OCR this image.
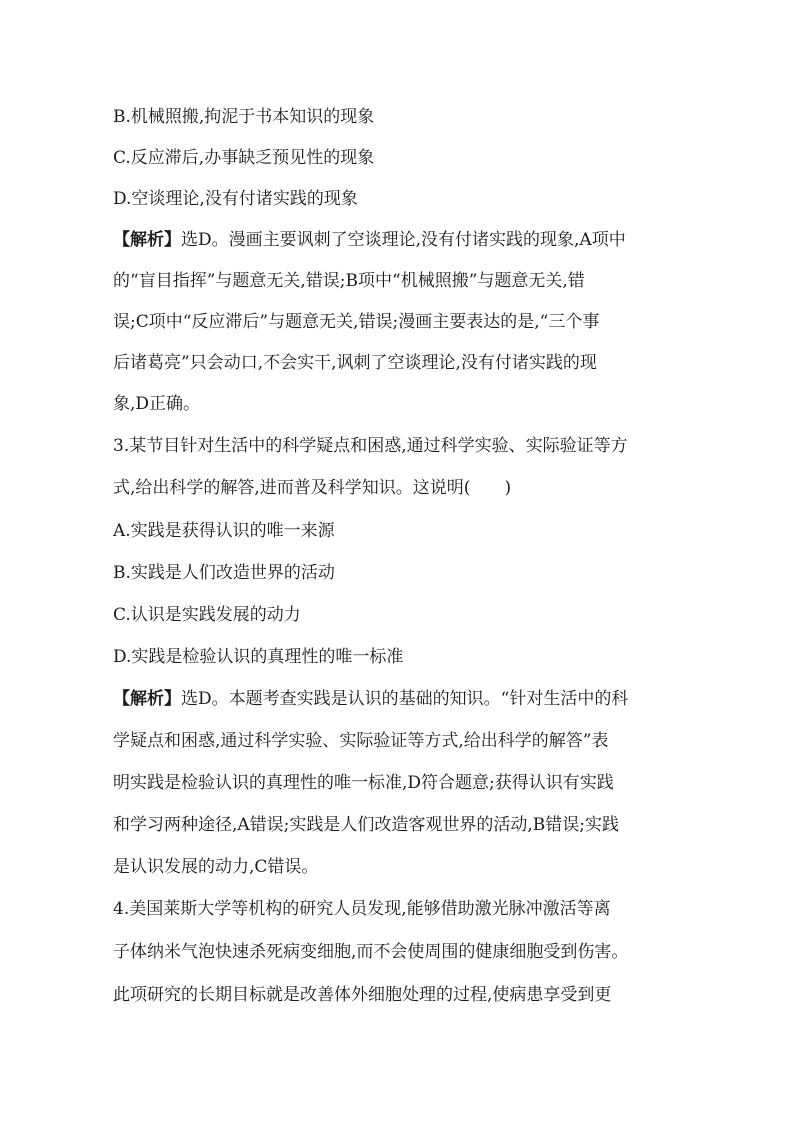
B.机械照搬,拘泥于书本知识的现象
C.反应滞后,办事缺乏预见性的现象
D.空谈理论,没有付诸实践的现象
【解析】选D。漫画主要讽刺了空谈理论,没有付诸实践的现象,A项中
的“盲目指挥”与题意无关,错误;B项中“机械照搬”与题意无关,错
误;C项中“反应滞后”与题意无关,错误;漫画主要表达的是,“三个事
后诸葛亮”只会动口,不会实干,讽刺了空谈理论,没有付诸实践的现
象,D正确。
3.某节目针对生活中的科学疑点和困惑,通过科学实验、实际验证等方
式,给出科学的解答,进而普及科学知识。这说明(　　)
A.实践是获得认识的唯一来源
B.实践是人们改造世界的活动
C.认识是实践发展的动力
D.实践是检验认识的真理性的唯一标准
【解析】选D。本题考查实践是认识的基础的知识。“针对生活中的科
学疑点和困惑,通过科学实验、实际验证等方式,给出科学的解答”表
明实践是检验认识的真理性的唯一标准,D符合题意;获得认识有实践
和学习两种途径,A错误;实践是人们改造客观世界的活动,B错误;实践
是认识发展的动力,C错误。
4.美国莱斯大学等机构的研究人员发现,能够借助激光脉冲激活等离
子体纳米气泡快速杀死病变细胞,而不会使周围的健康细胞受到伤害。
此项研究的长期目标就是改善体外细胞处理的过程,使病患享受到更
